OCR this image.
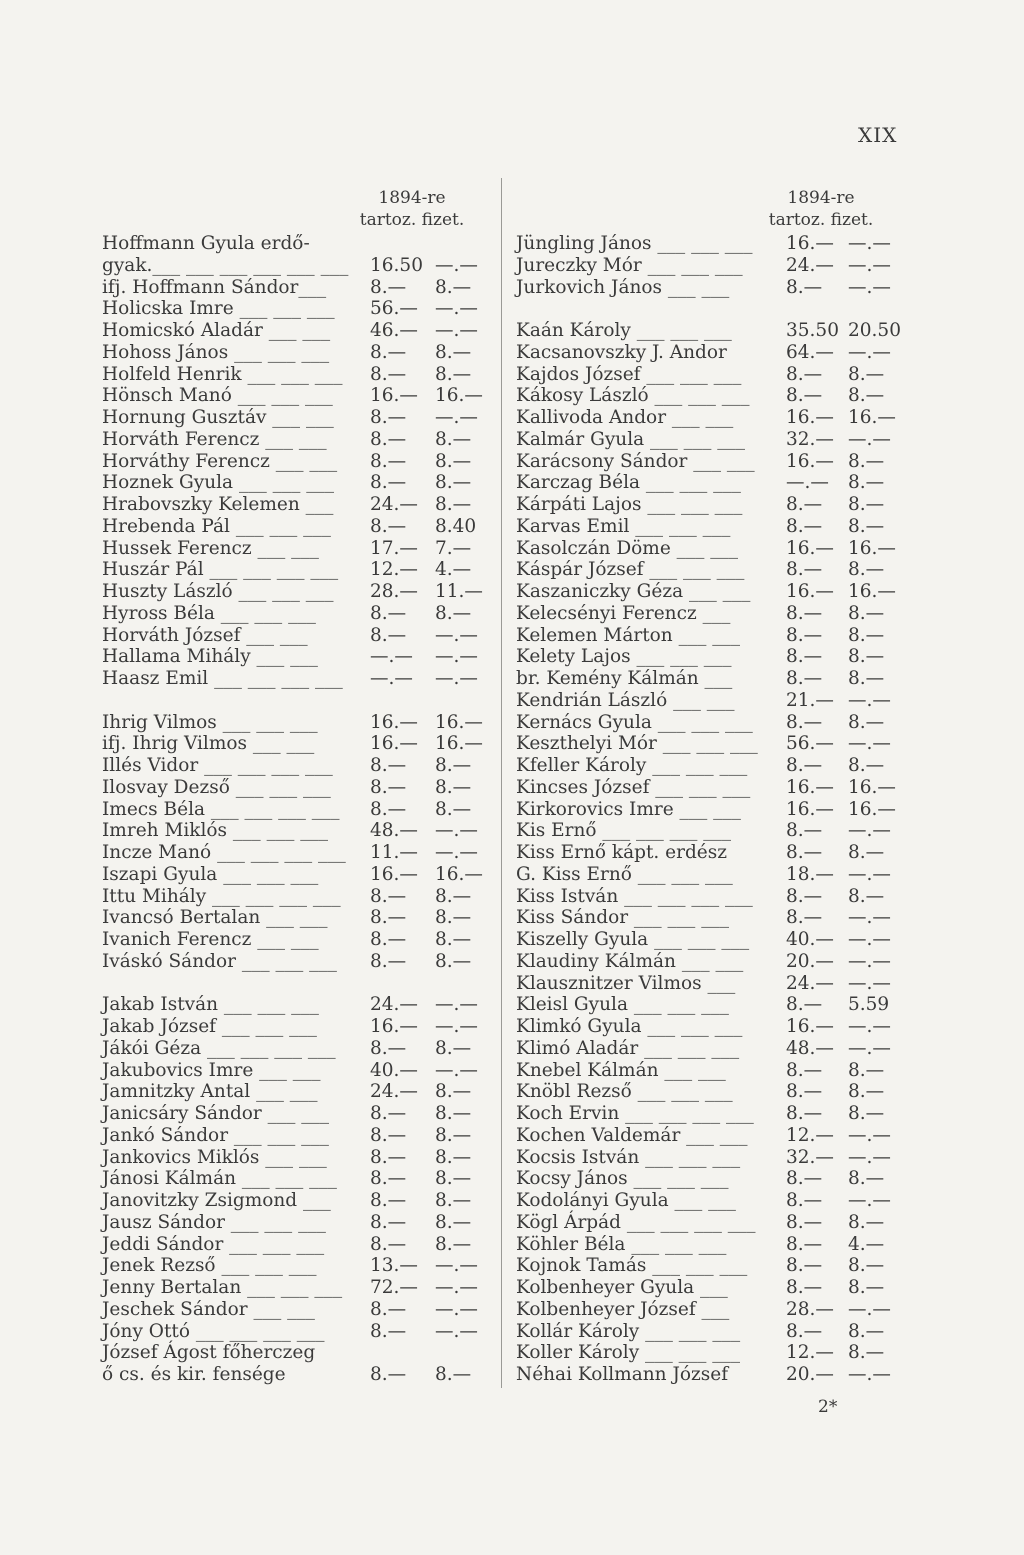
XIX
1894-re
tartoz. fizet.
Hoffmann Gyula erdő-
gyak.___ ___ ___ ___ ___ ___ 16.50 —.—
ifj. Hoffmann Sándor___ 8.— 8.—
Holicska Imre ___ ___ ___ 56.— —.—
Homicskó Aladár ___ ___ 46.— —.—
Hohoss János ___ ___ ___ 8.— 8.—
Holfeld Henrik ___ ___ ___ 8.— 8.—
Hönsch Manó ___ ___ ___ 16.— 16.—
Hornung Gusztáv ___ ___ 8.— —.—
Horváth Ferencz ___ ___ 8.— 8.—
Horváthy Ferencz ___ ___ 8.— 8.—
Hoznek Gyula ___ ___ ___ 8.— 8.—
Hrabovszky Kelemen ___ 24.— 8.—
Hrebenda Pál ___ ___ ___ 8.— 8.40
Hussek Ferencz ___ ___	17.— 7.—
Huszár Pál ___ ___ ___ ___ 12.— 4.—
Huszty László ___ ___ ___ 28.— 11.—
Hyross Béla ___ ___ ___	8.— 8.—
Horváth József ___ ___	8.— —.—
Hallama Mihály ___ ___	—.— —.—
Haasz Emil ___ ___ ___ ___ —.— —.—
Ihrig Vilmos ___ ___ ___	16.— 16.—
ifj. Ihrig Vilmos ___ ___	16.— 16.—
Illés Vidor ___ ___ ___ ___ 8.— 8.—
Ilosvay Dezső ___ ___ ___ 8.— 8.—
Imecs Béla ___ ___ ___ ___ 8.— 8.—
Imreh Miklós ___ ___ ___ 48.— —.—
Incze Manó ___ ___ ___ ___ 11.— —.—
Iszapi Gyula ___ ___ ___	16.— 16.—
Ittu Mihály ___ ___ ___ ___ 8.— 8.—
Ivancsó Bertalan ___ ___ 8.— 8.—
Ivanich Ferencz ___ ___	8.— 8.—
Iváskó Sándor ___ ___ ___ 8.— 8.—
Jakab István ___ ___ ___	24.— —.—
Jakab József ___ ___ ___	16.— —.—
Jákói Géza ___ ___ ___ ___ 8.— 8.—
Jakubovics Imre ___ ___	40.— —.—
Jamnitzky Antal ___ ___	24.— 8.—
Janicsáry Sándor ___ ___ 8.— 8.—
Jankó Sándor ___ ___ ___ 8.— 8.—
Jankovics Miklós ___ ___ 8.— 8.—
Jánosi Kálmán ___ ___ ___ 8.— 8.—
Janovitzky Zsigmond ___ 8.— 8.—
Jausz Sándor ___ ___ ___ 8.— 8.—
Jeddi Sándor ___ ___ ___ 8.— 8.—
Jenek Rezső ___ ___ ___	13.— —.—
Jenny Bertalan ___ ___ ___ 72.— —.—
Jeschek Sándor ___ ___	8.— —.—
Jóny Ottó ___ ___ ___ ___ 8.— —.—
József Ágost főherczeg
ő cs. és kir. fensége	8.— 8.—
1894-re
tartoz. fizet.
Jüngling János ___ ___ ___ 16.— —.—
Jureczky Mór ___ ___ ___ 24.— —.—
Jurkovich János ___ ___	8.— —.—
Kaán Károly ___ ___ ___	35.50 20.50
Kacsanovszky J. Andor	64.— —.—
Kajdos József ___ ___ ___ 8.— 8.—
Kákosy László ___ ___ ___ 8.— 8.—
Kallivoda Andor ___ ___	16.— 16.—
Kalmár Gyula ___ ___ ___ 32.— —.—
Karácsony Sándor ___ ___ 16.— 8.—
Karczag Béla ___ ___ ___ —.— 8.—
Kárpáti Lajos ___ ___ ___ 8.— 8.—
Karvas Emil ___ ___ ___	8.— 8.—
Kasolczán Döme ___ ___	16.— 16.—
Káspár József ___ ___ ___ 8.— 8.—
Kaszaniczky Géza ___ ___ 16.— 16.—
Kelecsényi Ferencz ___	8.— 8.—
Kelemen Márton ___ ___ 8.— 8.—
Kelety Lajos ___ ___ ___	8.— 8.—
br. Kemény Kálmán ___	8.— 8.—
Kendrián László ___ ___	21.— —.—
Kernács Gyula ___ ___ ___ 8.— 8.—
Keszthelyi Mór ___ ___ ___ 56.— —.—
Kfeller Károly ___ ___ ___ 8.— 8.—
Kincses József ___ ___ ___ 16.— 16.—
Kirkorovics Imre ___ ___ 16.— 16.—
Kis Ernő ___ ___ ___ ___	8.— —.—
Kiss Ernő kápt. erdész	8.— 8.—
G. Kiss Ernő ___ ___ ___	18.— —.—
Kiss István ___ ___ ___ ___ 8.— 8.—
Kiss Sándor ___ ___ ___	8.— —.—
Kiszelly Gyula ___ ___ ___ 40.— —.—
Klaudiny Kálmán ___ ___ 20.— —.—
Klausznitzer Vilmos ___	24.— —.—
Kleisl Gyula ___ ___ ___	8.— 5.59
Klimkó Gyula ___ ___ ___ 16.— —.—
Klimó Aladár ___ ___ ___	48.— —.—
Knebel Kálmán ___ ___	8.— 8.—
Knöbl Rezső ___ ___ ___	8.— 8.—
Koch Ervin ___ ___ ___ ___ 8.— 8.—
Kochen Valdemár ___ ___ 12.— —.—
Kocsis István ___ ___ ___ 32.— —.—
Kocsy János ___ ___ ___	8.— 8.—
Kodolányi Gyula ___ ___	8.— —.—
Kögl Árpád ___ ___ ___ ___ 8.— 8.—
Köhler Béla ___ ___ ___	8.— 4.—
Kojnok Tamás ___ ___ ___ 8.— 8.—
Kolbenheyer Gyula ___	8.— 8.—
Kolbenheyer József ___	28.— —.—
Kollár Károly ___ ___ ___ 8.— 8.—
Koller Károly ___ ___ ___ 12.— 8.—
Néhai Kollmann József	20.— —.—
2*
